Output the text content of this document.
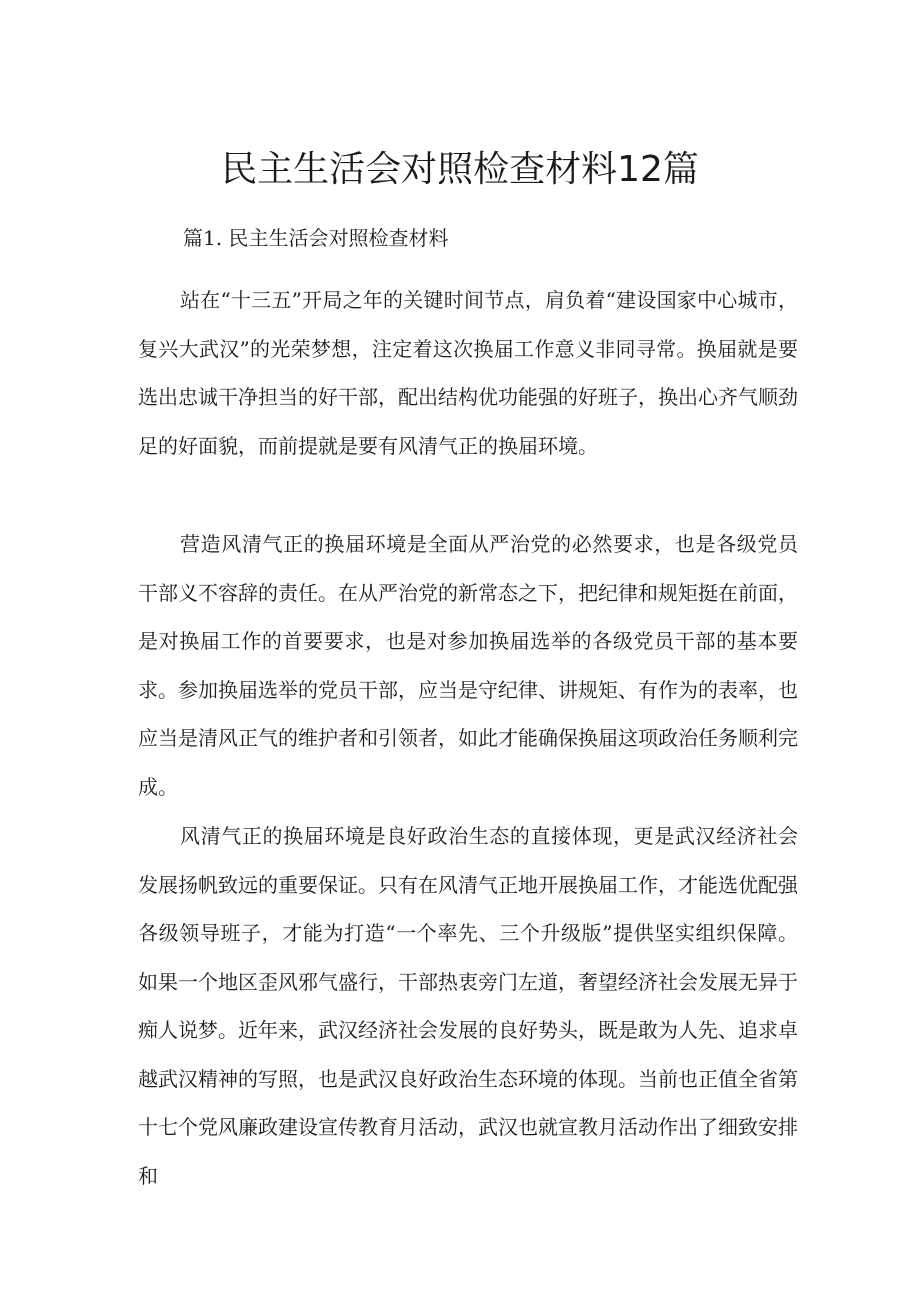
民主生活会对照检查材料12篇
篇1. 民主生活会对照检查材料

站在“十三五”开局之年的关键时间节点，肩负着“建设国家中心城市，复兴大武汉”的光荣梦想，注定着这次换届工作意义非同寻常。换届就是要选出忠诚干净担当的好干部，配出结构优功能强的好班子，换出心齐气顺劲足的好面貌，而前提就是要有风清气正的换届环境。

营造风清气正的换届环境是全面从严治党的必然要求，也是各级党员干部义不容辞的责任。在从严治党的新常态之下，把纪律和规矩挺在前面，是对换届工作的首要要求，也是对参加换届选举的各级党员干部的基本要求。参加换届选举的党员干部，应当是守纪律、讲规矩、有作为的表率，也应当是清风正气的维护者和引领者，如此才能确保换届这项政治任务顺利完成。

风清气正的换届环境是良好政治生态的直接体现，更是武汉经济社会发展扬帆致远的重要保证。只有在风清气正地开展换届工作，才能选优配强各级领导班子，才能为打造“一个率先、三个升级版”提供坚实组织保障。如果一个地区歪风邪气盛行，干部热衷旁门左道，奢望经济社会发展无异于痴人说梦。近年来，武汉经济社会发展的良好势头，既是敢为人先、追求卓越武汉精神的写照，也是武汉良好政治生态环境的体现。当前也正值全省第十七个党风廉政建设宣传教育月活动，武汉也就宣教月活动作出了细致安排和
